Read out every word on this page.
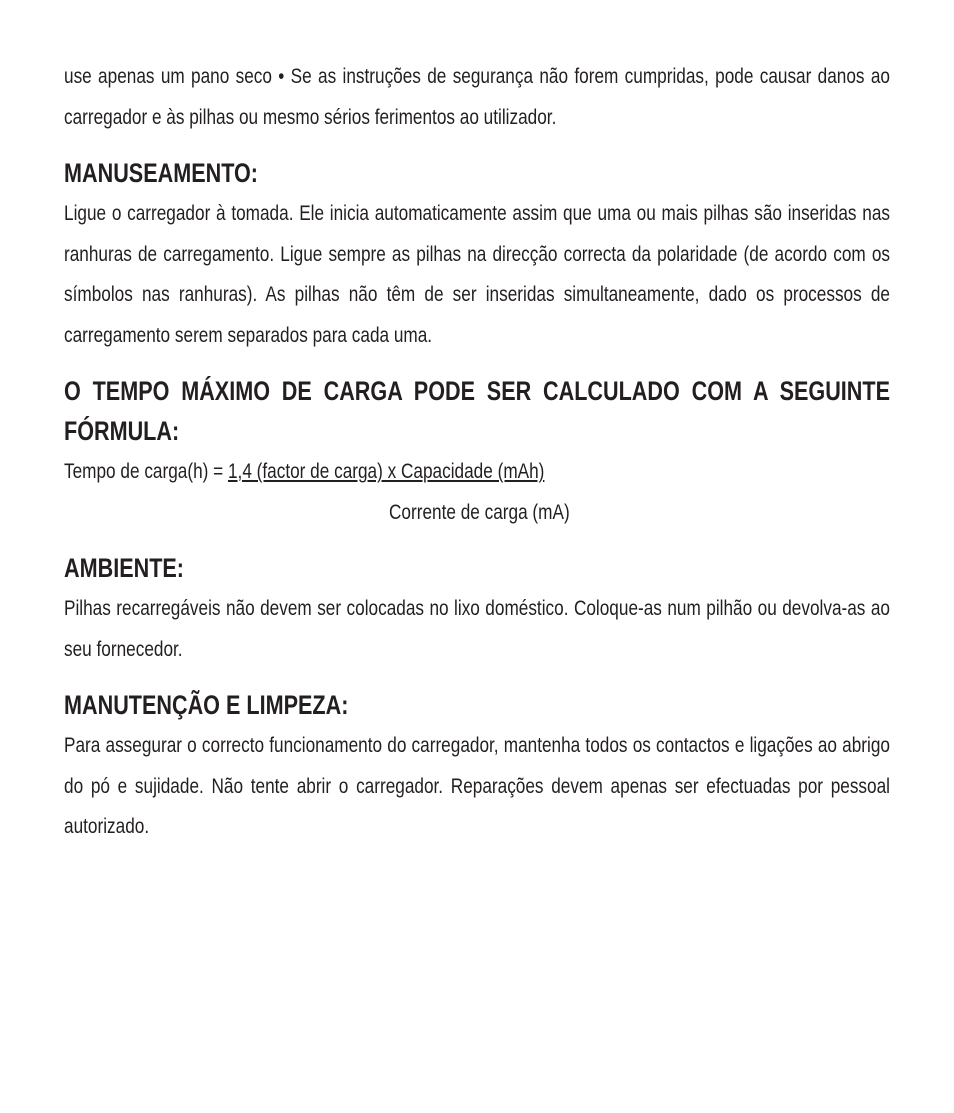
use apenas um pano seco • Se as instruções de segurança não forem cumpridas, pode causar danos ao carregador e às pilhas ou mesmo sérios ferimentos ao utilizador.

MANUSEAMENTO:

Ligue o carregador à tomada. Ele inicia automaticamente assim que uma ou mais pilhas são inseridas nas ranhuras de carregamento. Ligue sempre as pilhas na direcção correcta da polaridade (de acordo com os símbolos nas ranhuras). As pilhas não têm de ser inseridas simultaneamente, dado os processos de carregamento serem separados para cada uma.

O TEMPO MÁXIMO DE CARGA PODE SER CALCULADO COM A SEGUINTE FÓRMULA:

Tempo de carga(h) = 1,4 (factor de carga) x Capacidade (mAh)

Corrente de carga (mA)

AMBIENTE:

Pilhas recarregáveis não devem ser colocadas no lixo doméstico. Coloque-as num pilhão ou devolva-as ao seu fornecedor.

MANUTENÇÃO E LIMPEZA:

Para assegurar o correcto funcionamento do carregador, mantenha todos os contactos e ligações ao abrigo do pó e sujidade. Não tente abrir o carregador. Reparações devem apenas ser efectuadas por pessoal autorizado.
